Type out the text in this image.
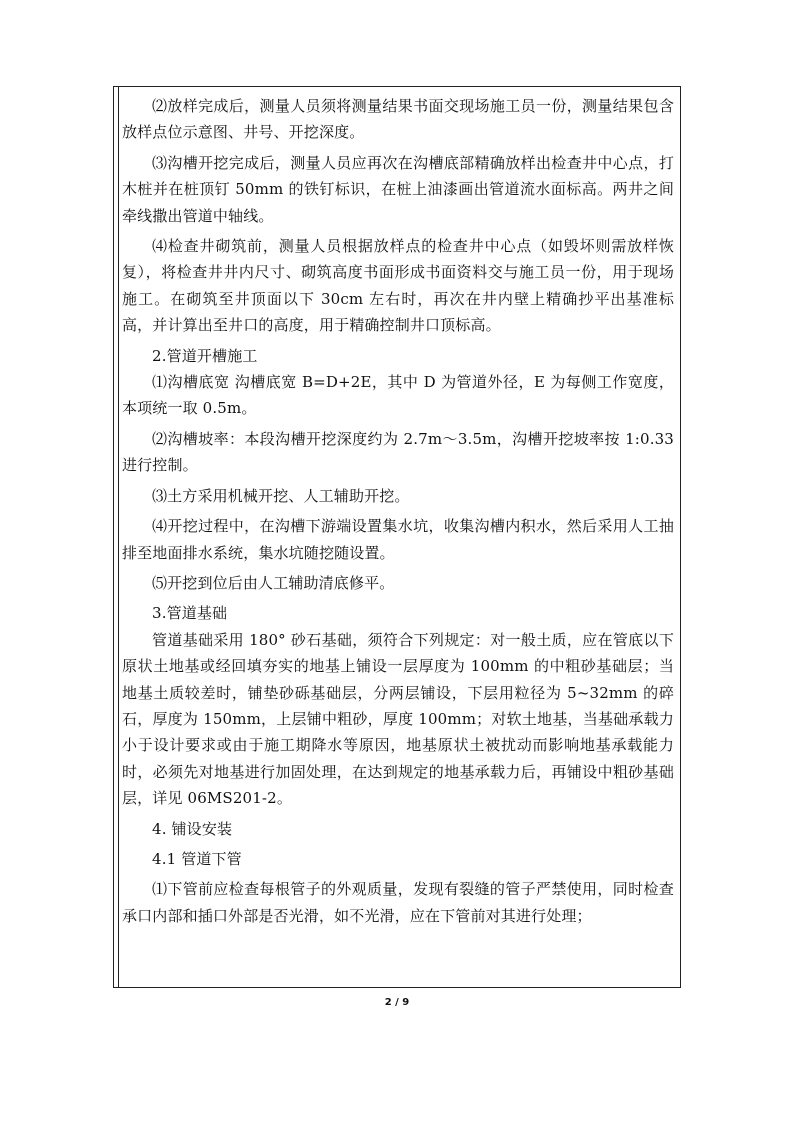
⑵放样完成后，测量人员须将测量结果书面交现场施工员一份，测量结果包含放样点位示意图、井号、开挖深度。

⑶沟槽开挖完成后，测量人员应再次在沟槽底部精确放样出检查井中心点，打木桩并在桩顶钉 50mm 的铁钉标识，在桩上油漆画出管道流水面标高。两井之间牵线撒出管道中轴线。

⑷检查井砌筑前，测量人员根据放样点的检查井中心点（如毁坏则需放样恢复），将检查井井内尺寸、砌筑高度书面形成书面资料交与施工员一份，用于现场施工。在砌筑至井顶面以下 30cm 左右时，再次在井内壁上精确抄平出基准标高，并计算出至井口的高度，用于精确控制井口顶标高。

2.管道开槽施工

⑴沟槽底宽 沟槽底宽 B=D+2E，其中 D 为管道外径，E 为每侧工作宽度，本项统一取 0.5m。

⑵沟槽坡率：本段沟槽开挖深度约为 2.7m～3.5m，沟槽开挖坡率按 1:0.33 进行控制。

⑶土方采用机械开挖、人工辅助开挖。

⑷开挖过程中，在沟槽下游端设置集水坑，收集沟槽内积水，然后采用人工抽排至地面排水系统，集水坑随挖随设置。

⑸开挖到位后由人工辅助清底修平。

3.管道基础

管道基础采用 180° 砂石基础，须符合下列规定：对一般土质，应在管底以下原状土地基或经回填夯实的地基上铺设一层厚度为 100mm 的中粗砂基础层；当地基土质较差时，铺垫砂砾基础层，分两层铺设，下层用粒径为 5~32mm 的碎石，厚度为 150mm，上层铺中粗砂，厚度 100mm；对软土地基，当基础承载力小于设计要求或由于施工期降水等原因，地基原状土被扰动而影响地基承载能力时，必须先对地基进行加固处理，在达到规定的地基承载力后，再铺设中粗砂基础层，详见 06MS201-2。

4. 铺设安装

4.1 管道下管

⑴下管前应检查每根管子的外观质量，发现有裂缝的管子严禁使用，同时检查承口内部和插口外部是否光滑，如不光滑，应在下管前对其进行处理；

2 / 9
